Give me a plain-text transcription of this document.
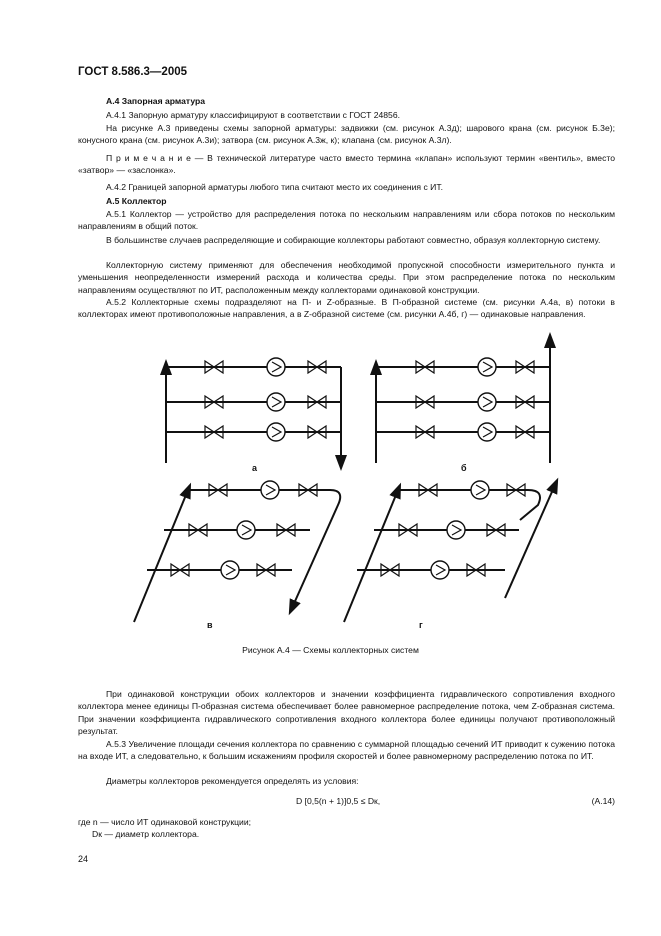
ГОСТ 8.586.3—2005
А.4 Запорная арматура
А.4.1 Запорную арматуру классифицируют в соответствии с ГОСТ 24856.
На рисунке А.3 приведены схемы запорной арматуры: задвижки (см. рисунок А.3д); шарового крана (см. рисунок Б.3е); конусного крана (см. рисунок А.3и); затвора (см. рисунок А.3ж, к); клапана (см. рисунок А.3л).
П р и м е ч а н и е — В технической литературе часто вместо термина «клапан» используют термин «вентиль», вместо «затвор» — «заслонка».
А.4.2 Границей запорной арматуры любого типа считают место их соединения с ИТ.
А.5 Коллектор
А.5.1 Коллектор — устройство для распределения потока по нескольким направлениям или сбора потоков по нескольким направлениям в общий поток.
В большинстве случаев распределяющие и собирающие коллекторы работают совместно, образуя коллекторную систему.
Коллекторную систему применяют для обеспечения необходимой пропускной способности измерительного пункта и уменьшения неопределенности измерений расхода и количества среды. При этом распределение потока по нескольким направлениям осуществляют по ИТ, расположенным между коллекторами одинаковой конструкции.
А.5.2 Коллекторные схемы подразделяют на П- и Z-образные. В П-образной системе (см. рисунки А.4а, в) потоки в коллекторах имеют противоположные направления, а в Z-образной системе (см. рисунки А.4б, г) — одинаковые направления.
а	б
в	г
Рисунок А.4 — Схемы коллекторных систем
При одинаковой конструкции обоих коллекторов и значении коэффициента гидравлического сопротивления входного коллектора менее единицы П-образная система обеспечивает более равномерное распределение потока, чем Z-образная система. При значении коэффициента гидравлического сопротивления входного коллектора более единицы получают противоположный результат.
А.5.3 Увеличение площади сечения коллектора по сравнению с суммарной площадью сечений ИТ приводит к сужению потока на входе ИТ, а следовательно, к большим искажениям профиля скоростей и более равномерному распределению потока по ИТ.
Диаметры коллекторов рекомендуется определять из условия:
D [0,5(n + 1)]0,5 ≤ Dк,	(А.14)
где n — число ИТ одинаковой конструкции;
Dк — диаметр коллектора.
24
